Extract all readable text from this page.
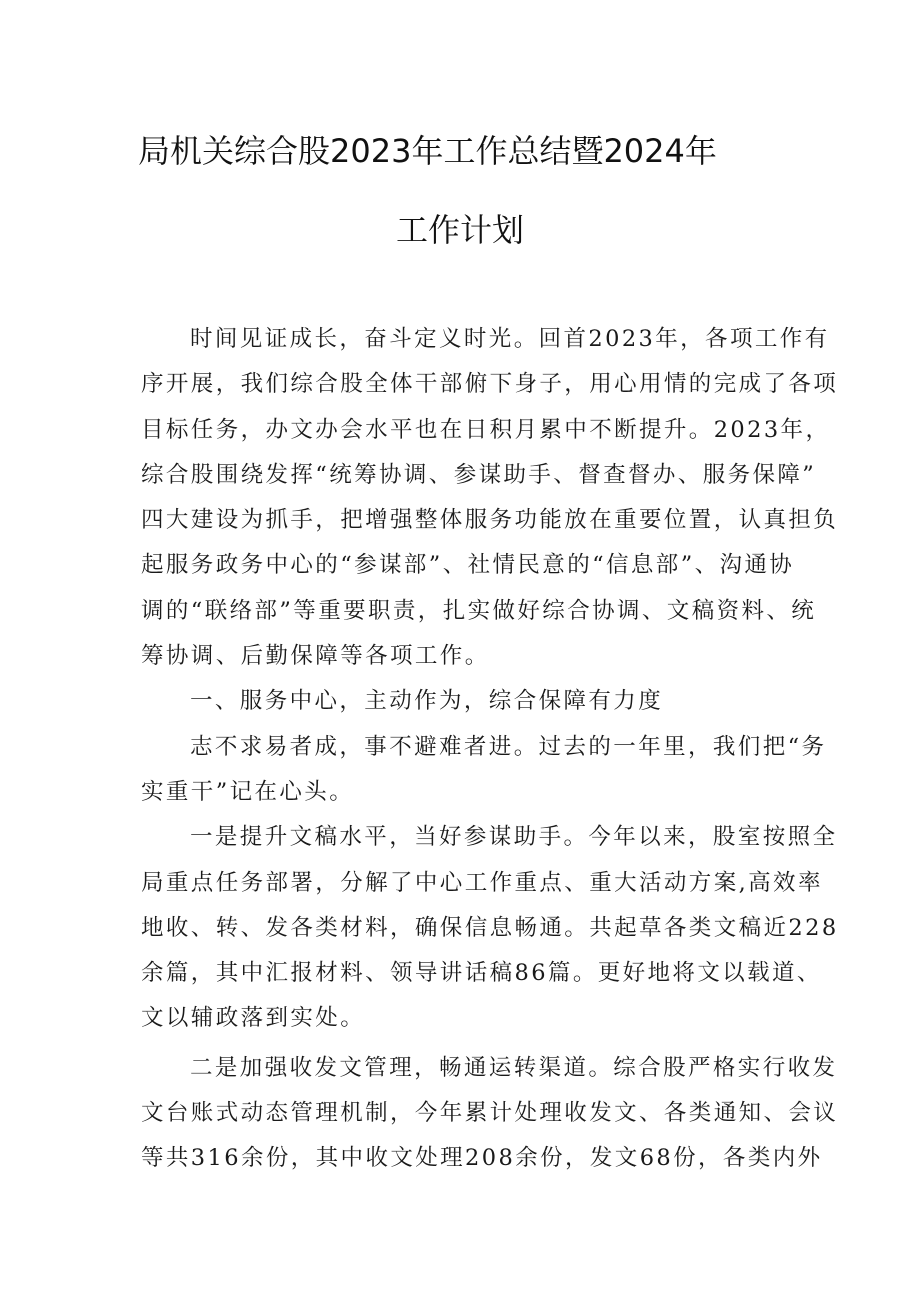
局机关综合股2023年工作总结暨2024年
工作计划

时间见证成长，奋斗定义时光。回首2023年，各项工作有
序开展，我们综合股全体干部俯下身子，用心用情的完成了各项
目标任务，办文办会水平也在日积月累中不断提升。2023年，
综合股围绕发挥“统筹协调、参谋助手、督查督办、服务保障”
四大建设为抓手，把增强整体服务功能放在重要位置，认真担负
起服务政务中心的“参谋部”、社情民意的“信息部”、沟通协
调的“联络部”等重要职责，扎实做好综合协调、文稿资料、统
筹协调、后勤保障等各项工作。

一、服务中心，主动作为，综合保障有力度

志不求易者成，事不避难者进。过去的一年里，我们把“务
实重干”记在心头。

一是提升文稿水平，当好参谋助手。今年以来，股室按照全
局重点任务部署，分解了中心工作重点、重大活动方案,高效率
地收、转、发各类材料，确保信息畅通。共起草各类文稿近228
余篇，其中汇报材料、领导讲话稿86篇。更好地将文以载道、
文以辅政落到实处。

二是加强收发文管理，畅通运转渠道。综合股严格实行收发
文台账式动态管理机制，今年累计处理收发文、各类通知、会议
等共316余份，其中收文处理208余份，发文68份，各类内外
